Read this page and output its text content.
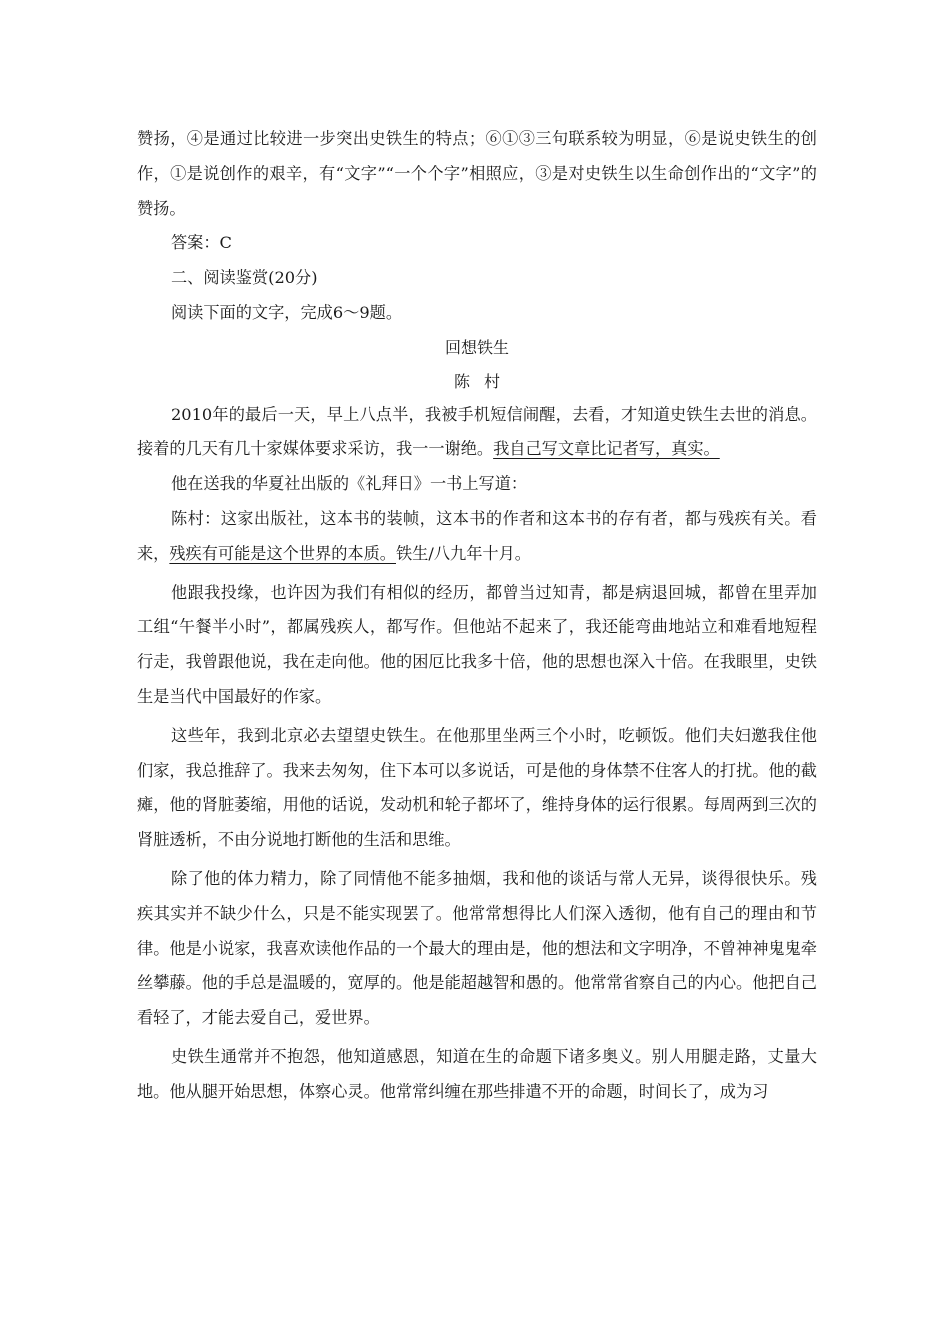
赞扬，④是通过比较进一步突出史铁生的特点；⑥①③三句联系较为明显，⑥是说史铁生的创作，①是说创作的艰辛，有“文字”“一个个字”相照应，③是对史铁生以生命创作出的“文字”的赞扬。

答案：C

二、阅读鉴赏(20分)

阅读下面的文字，完成6～9题。

回想铁生

陈村

2010年的最后一天，早上八点半，我被手机短信闹醒，去看，才知道史铁生去世的消息。接着的几天有几十家媒体要求采访，我一一谢绝。我自己写文章比记者写，真实。

他在送我的华夏社出版的《礼拜日》一书上写道：

陈村：这家出版社，这本书的装帧，这本书的作者和这本书的存有者，都与残疾有关。看来，残疾有可能是这个世界的本质。铁生/八九年十月。

他跟我投缘，也许因为我们有相似的经历，都曾当过知青，都是病退回城，都曾在里弄加工组“午餐半小时”，都属残疾人，都写作。但他站不起来了，我还能弯曲地站立和难看地短程行走，我曾跟他说，我在走向他。他的困厄比我多十倍，他的思想也深入十倍。在我眼里，史铁生是当代中国最好的作家。

这些年，我到北京必去望望史铁生。在他那里坐两三个小时，吃顿饭。他们夫妇邀我住他们家，我总推辞了。我来去匆匆，住下本可以多说话，可是他的身体禁不住客人的打扰。他的截瘫，他的肾脏萎缩，用他的话说，发动机和轮子都坏了，维持身体的运行很累。每周两到三次的肾脏透析，不由分说地打断他的生活和思维。

除了他的体力精力，除了同情他不能多抽烟，我和他的谈话与常人无异，谈得很快乐。残疾其实并不缺少什么，只是不能实现罢了。他常常想得比人们深入透彻，他有自己的理由和节律。他是小说家，我喜欢读他作品的一个最大的理由是，他的想法和文字明净，不曾神神鬼鬼牵丝攀藤。他的手总是温暖的，宽厚的。他是能超越智和愚的。他常常省察自己的内心。他把自己看轻了，才能去爱自己，爱世界。

史铁生通常并不抱怨，他知道感恩，知道在生的命题下诸多奥义。别人用腿走路，丈量大地。他从腿开始思想，体察心灵。他常常纠缠在那些排遣不开的命题，时间长了，成为习
